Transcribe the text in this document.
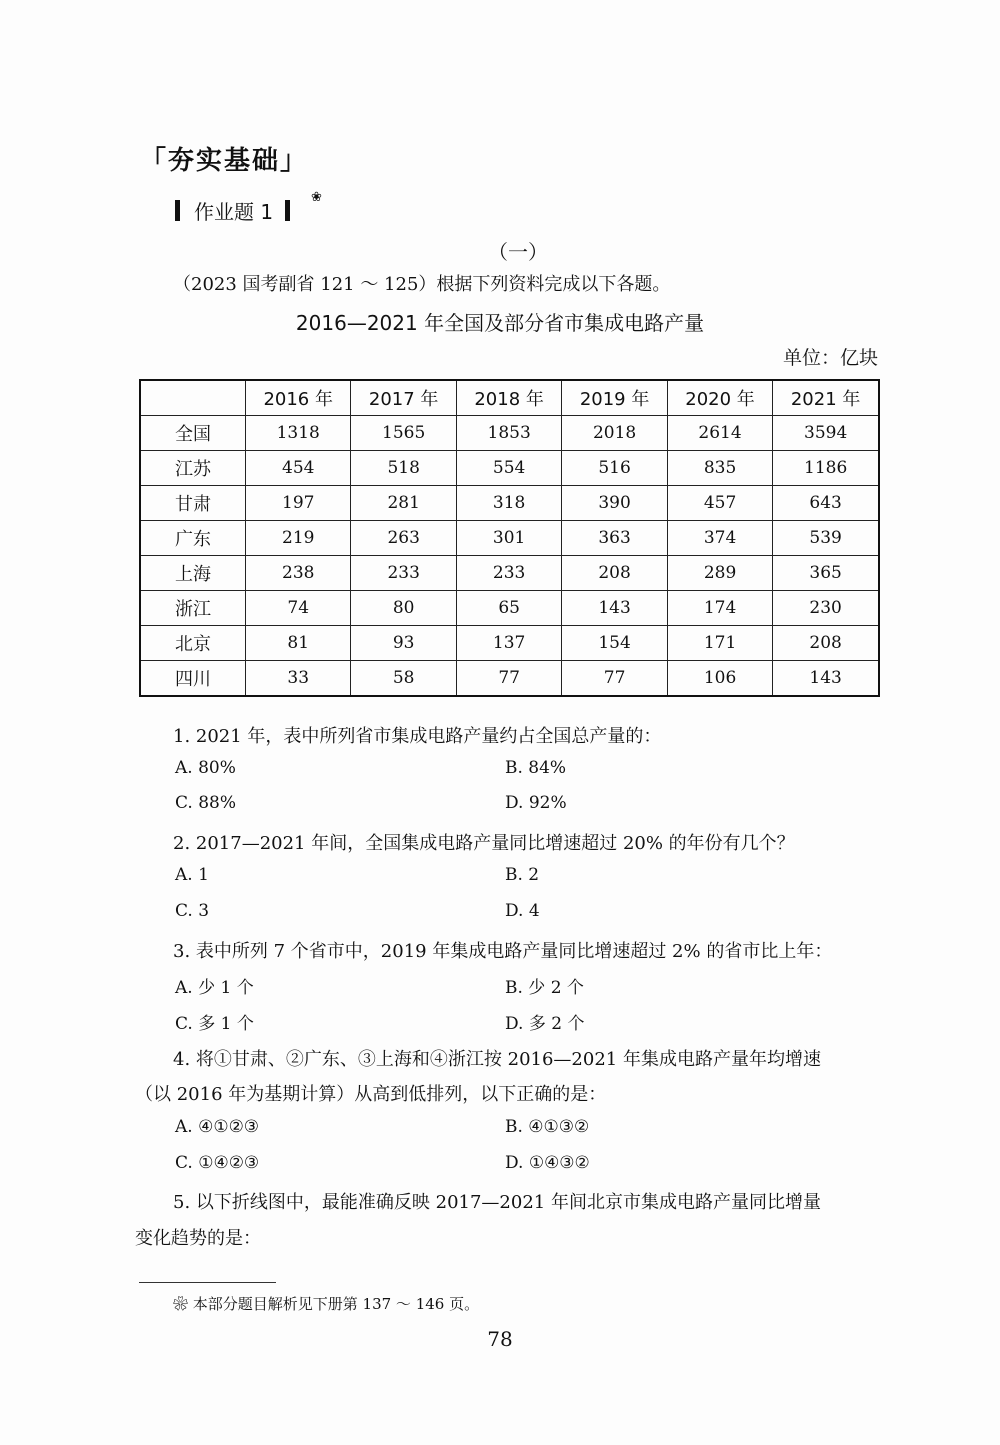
「夯实基础」
作业题 1
❀
（一）
（2023 国考副省 121 ～ 125）根据下列资料完成以下各题。
2016—2021 年全国及部分省市集成电路产量
单位：亿块
	2016 年	2017 年	2018 年	2019 年	2020 年	2021 年
全国	1318	1565	1853	2018	2614	3594
江苏	454	518	554	516	835	1186
甘肃	197	281	318	390	457	643
广东	219	263	301	363	374	539
上海	238	233	233	208	289	365
浙江	74	80	65	143	174	230
北京	81	93	137	154	171	208
四川	33	58	77	77	106	143
1. 2021 年，表中所列省市集成电路产量约占全国总产量的：
A. 80%	B. 84%
C. 88%	D. 92%
2. 2017—2021 年间，全国集成电路产量同比增速超过 20% 的年份有几个？
A. 1	B. 2
C. 3	D. 4
3. 表中所列 7 个省市中，2019 年集成电路产量同比增速超过 2% 的省市比上年：
A. 少 1 个	B. 少 2 个
C. 多 1 个	D. 多 2 个
4. 将①甘肃、②广东、③上海和④浙江按 2016—2021 年集成电路产量年均增速
（以 2016 年为基期计算）从高到低排列，以下正确的是：
A. ④①②③	B. ④①③②
C. ①④②③	D. ①④③②
5. 以下折线图中，最能准确反映 2017—2021 年间北京市集成电路产量同比增量
变化趋势的是：
❀ 本部分题目解析见下册第 137 ～ 146 页。
78
